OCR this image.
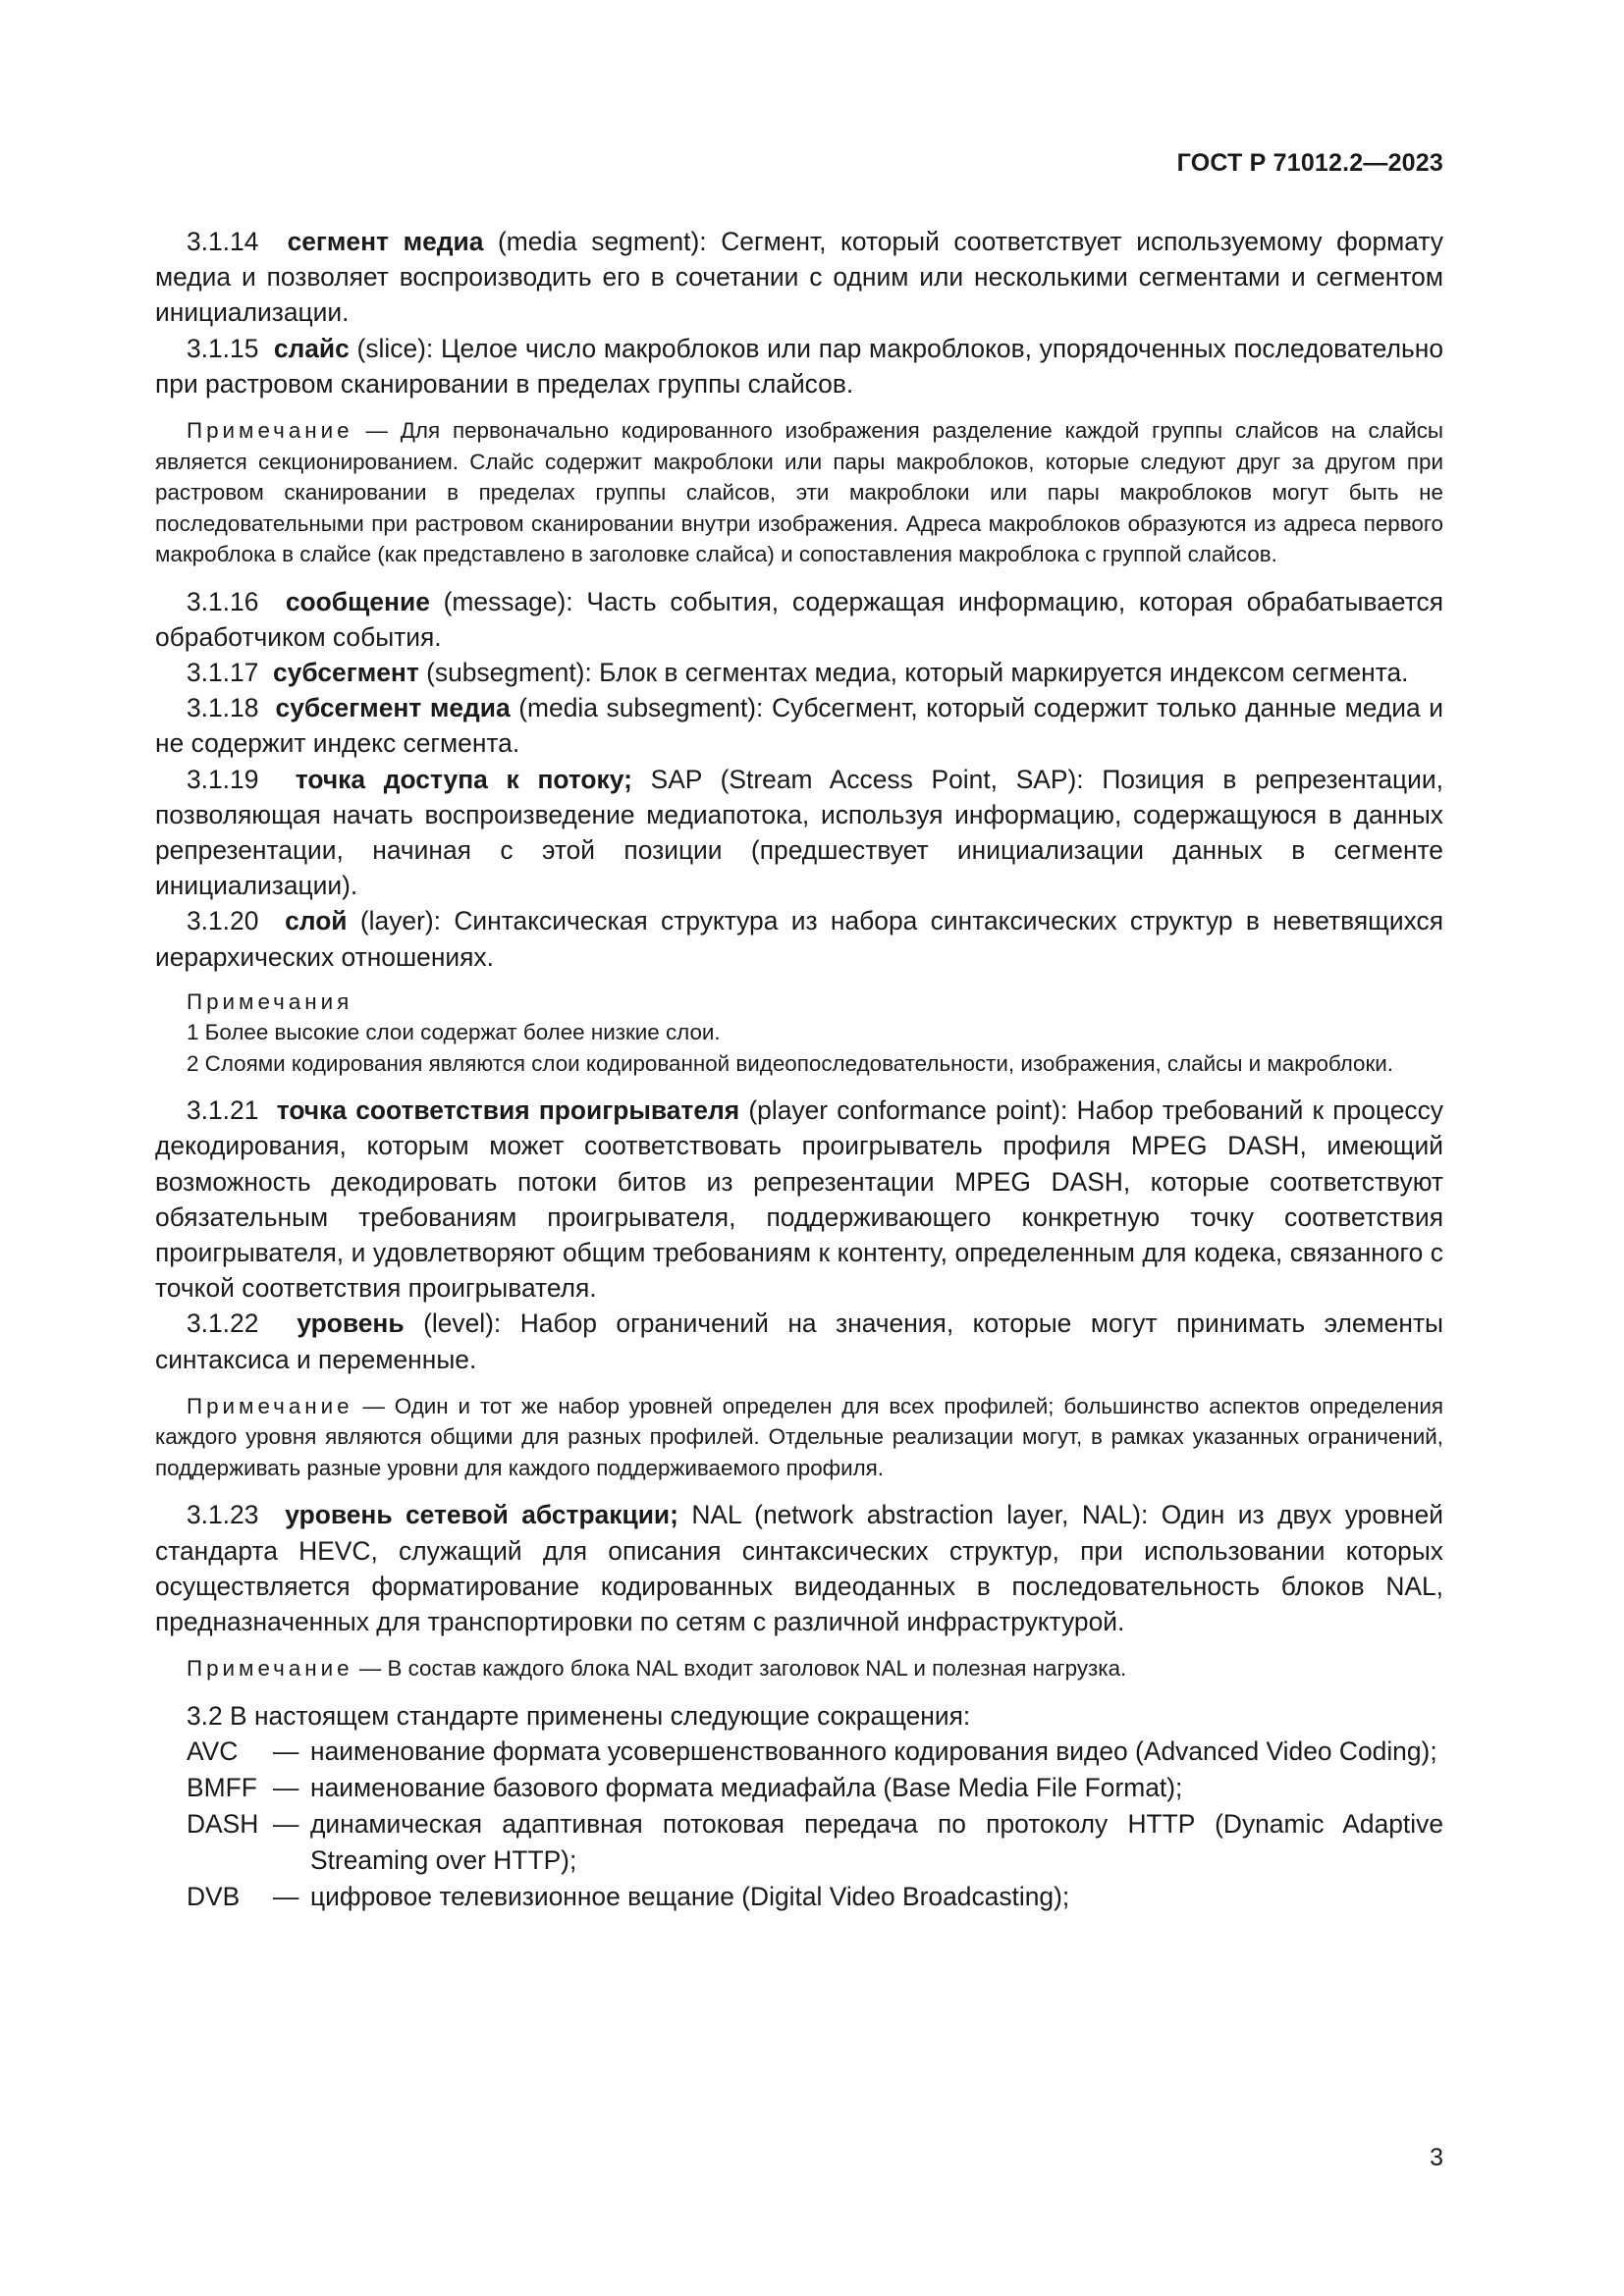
ГОСТ Р 71012.2—2023

3.1.14 сегмент медиа (media segment): Сегмент, который соответствует используемому формату медиа и позволяет воспроизводить его в сочетании с одним или несколькими сегментами и сегментом инициализации.

3.1.15 слайс (slice): Целое число макроблоков или пар макроблоков, упорядоченных последовательно при растровом сканировании в пределах группы слайсов.

Примечание — Для первоначально кодированного изображения разделение каждой группы слайсов на слайсы является секционированием. Слайс содержит макроблоки или пары макроблоков, которые следуют друг за другом при растровом сканировании в пределах группы слайсов, эти макроблоки или пары макроблоков могут быть не последовательными при растровом сканировании внутри изображения. Адреса макроблоков образуются из адреса первого макроблока в слайсе (как представлено в заголовке слайса) и сопоставления макроблока с группой слайсов.

3.1.16 сообщение (message): Часть события, содержащая информацию, которая обрабатывается обработчиком события.

3.1.17 субсегмент (subsegment): Блок в сегментах медиа, который маркируется индексом сегмента.

3.1.18 субсегмент медиа (media subsegment): Субсегмент, который содержит только данные медиа и не содержит индекс сегмента.

3.1.19 точка доступа к потоку; SAP (Stream Access Point, SAP): Позиция в репрезентации, позволяющая начать воспроизведение медиапотока, используя информацию, содержащуюся в данных репрезентации, начиная с этой позиции (предшествует инициализации данных в сегменте инициализации).

3.1.20 слой (layer): Синтаксическая структура из набора синтаксических структур в неветвящихся иерархических отношениях.

Примечания

1 Более высокие слои содержат более низкие слои.

2 Слоями кодирования являются слои кодированной видеопоследовательности, изображения, слайсы и макроблоки.

3.1.21 точка соответствия проигрывателя (player conformance point): Набор требований к процессу декодирования, которым может соответствовать проигрыватель профиля MPEG DASH, имеющий возможность декодировать потоки битов из репрезентации MPEG DASH, которые соответствуют обязательным требованиям проигрывателя, поддерживающего конкретную точку соответствия проигрывателя, и удовлетворяют общим требованиям к контенту, определенным для кодека, связанного с точкой соответствия проигрывателя.

3.1.22 уровень (level): Набор ограничений на значения, которые могут принимать элементы синтаксиса и переменные.

Примечание — Один и тот же набор уровней определен для всех профилей; большинство аспектов определения каждого уровня являются общими для разных профилей. Отдельные реализации могут, в рамках указанных ограничений, поддерживать разные уровни для каждого поддерживаемого профиля.

3.1.23 уровень сетевой абстракции; NAL (network abstraction layer, NAL): Один из двух уровней стандарта HEVC, служащий для описания синтаксических структур, при использовании которых осуществляется форматирование кодированных видеоданных в последовательность блоков NAL, предназначенных для транспортировки по сетям с различной инфраструктурой.

Примечание — В состав каждого блока NAL входит заголовок NAL и полезная нагрузка.

3.2 В настоящем стандарте применены следующие сокращения:

AVC	— наименование формата усовершенствованного кодирования видео (Advanced Video Coding);
BMFF — наименование базового формата медиафайла (Base Media File Format);
DASH — динамическая адаптивная потоковая передача по протоколу HTTP (Dynamic Adaptive Streaming over HTTP);
DVB	— цифровое телевизионное вещание (Digital Video Broadcasting);
3
